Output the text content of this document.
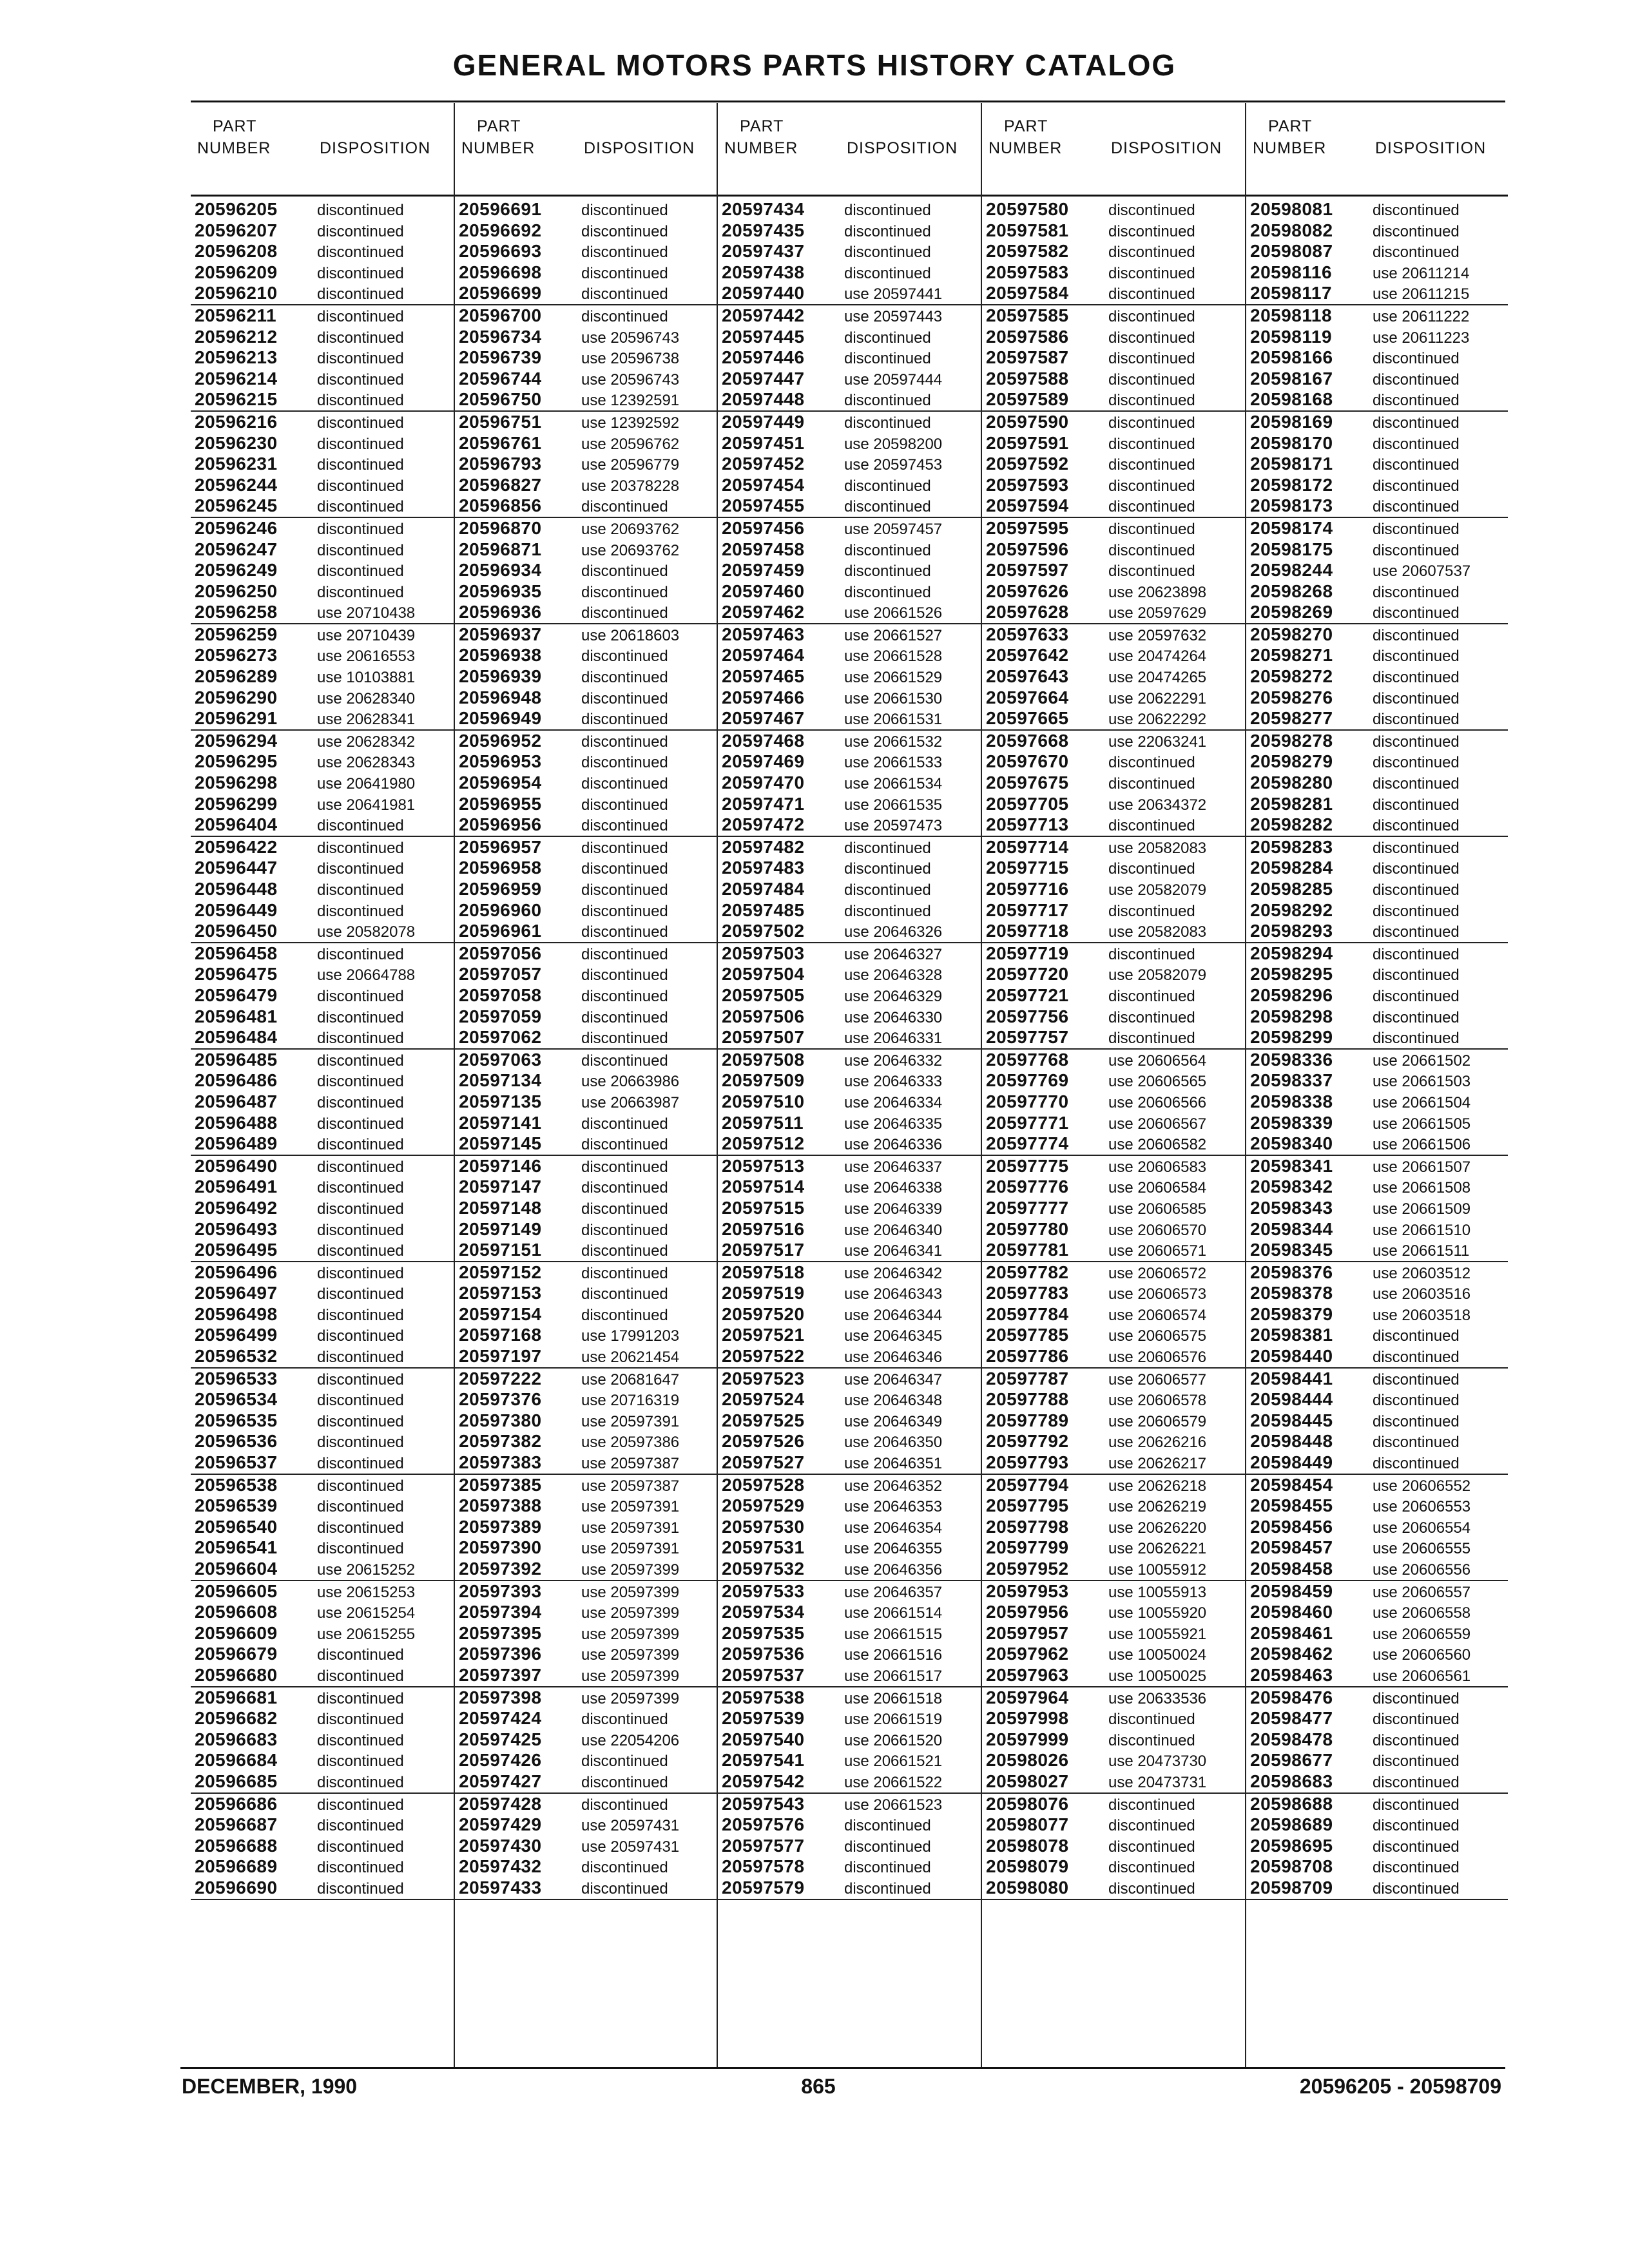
GENERAL MOTORS PARTS HISTORY CATALOG
PART
NUMBER	DISPOSITION
20596205	discontinued
20596207	discontinued
20596208	discontinued
20596209	discontinued
20596210	discontinued
20596211	discontinued
20596212	discontinued
20596213	discontinued
20596214	discontinued
20596215	discontinued
20596216	discontinued
20596230	discontinued
20596231	discontinued
20596244	discontinued
20596245	discontinued
20596246	discontinued
20596247	discontinued
20596249	discontinued
20596250	discontinued
20596258	use 20710438
20596259	use 20710439
20596273	use 20616553
20596289	use 10103881
20596290	use 20628340
20596291	use 20628341
20596294	use 20628342
20596295	use 20628343
20596298	use 20641980
20596299	use 20641981
20596404	discontinued
20596422	discontinued
20596447	discontinued
20596448	discontinued
20596449	discontinued
20596450	use 20582078
20596458	discontinued
20596475	use 20664788
20596479	discontinued
20596481	discontinued
20596484	discontinued
20596485	discontinued
20596486	discontinued
20596487	discontinued
20596488	discontinued
20596489	discontinued
20596490	discontinued
20596491	discontinued
20596492	discontinued
20596493	discontinued
20596495	discontinued
20596496	discontinued
20596497	discontinued
20596498	discontinued
20596499	discontinued
20596532	discontinued
20596533	discontinued
20596534	discontinued
20596535	discontinued
20596536	discontinued
20596537	discontinued
20596538	discontinued
20596539	discontinued
20596540	discontinued
20596541	discontinued
20596604	use 20615252
20596605	use 20615253
20596608	use 20615254
20596609	use 20615255
20596679	discontinued
20596680	discontinued
20596681	discontinued
20596682	discontinued
20596683	discontinued
20596684	discontinued
20596685	discontinued
20596686	discontinued
20596687	discontinued
20596688	discontinued
20596689	discontinued
20596690	discontinued
PART
NUMBER	DISPOSITION
20596691	discontinued
20596692	discontinued
20596693	discontinued
20596698	discontinued
20596699	discontinued
20596700	discontinued
20596734	use 20596743
20596739	use 20596738
20596744	use 20596743
20596750	use 12392591
20596751	use 12392592
20596761	use 20596762
20596793	use 20596779
20596827	use 20378228
20596856	discontinued
20596870	use 20693762
20596871	use 20693762
20596934	discontinued
20596935	discontinued
20596936	discontinued
20596937	use 20618603
20596938	discontinued
20596939	discontinued
20596948	discontinued
20596949	discontinued
20596952	discontinued
20596953	discontinued
20596954	discontinued
20596955	discontinued
20596956	discontinued
20596957	discontinued
20596958	discontinued
20596959	discontinued
20596960	discontinued
20596961	discontinued
20597056	discontinued
20597057	discontinued
20597058	discontinued
20597059	discontinued
20597062	discontinued
20597063	discontinued
20597134	use 20663986
20597135	use 20663987
20597141	discontinued
20597145	discontinued
20597146	discontinued
20597147	discontinued
20597148	discontinued
20597149	discontinued
20597151	discontinued
20597152	discontinued
20597153	discontinued
20597154	discontinued
20597168	use 17991203
20597197	use 20621454
20597222	use 20681647
20597376	use 20716319
20597380	use 20597391
20597382	use 20597386
20597383	use 20597387
20597385	use 20597387
20597388	use 20597391
20597389	use 20597391
20597390	use 20597391
20597392	use 20597399
20597393	use 20597399
20597394	use 20597399
20597395	use 20597399
20597396	use 20597399
20597397	use 20597399
20597398	use 20597399
20597424	discontinued
20597425	use 22054206
20597426	discontinued
20597427	discontinued
20597428	discontinued
20597429	use 20597431
20597430	use 20597431
20597432	discontinued
20597433	discontinued
PART
NUMBER	DISPOSITION
20597434	discontinued
20597435	discontinued
20597437	discontinued
20597438	discontinued
20597440	use 20597441
20597442	use 20597443
20597445	discontinued
20597446	discontinued
20597447	use 20597444
20597448	discontinued
20597449	discontinued
20597451	use 20598200
20597452	use 20597453
20597454	discontinued
20597455	discontinued
20597456	use 20597457
20597458	discontinued
20597459	discontinued
20597460	discontinued
20597462	use 20661526
20597463	use 20661527
20597464	use 20661528
20597465	use 20661529
20597466	use 20661530
20597467	use 20661531
20597468	use 20661532
20597469	use 20661533
20597470	use 20661534
20597471	use 20661535
20597472	use 20597473
20597482	discontinued
20597483	discontinued
20597484	discontinued
20597485	discontinued
20597502	use 20646326
20597503	use 20646327
20597504	use 20646328
20597505	use 20646329
20597506	use 20646330
20597507	use 20646331
20597508	use 20646332
20597509	use 20646333
20597510	use 20646334
20597511	use 20646335
20597512	use 20646336
20597513	use 20646337
20597514	use 20646338
20597515	use 20646339
20597516	use 20646340
20597517	use 20646341
20597518	use 20646342
20597519	use 20646343
20597520	use 20646344
20597521	use 20646345
20597522	use 20646346
20597523	use 20646347
20597524	use 20646348
20597525	use 20646349
20597526	use 20646350
20597527	use 20646351
20597528	use 20646352
20597529	use 20646353
20597530	use 20646354
20597531	use 20646355
20597532	use 20646356
20597533	use 20646357
20597534	use 20661514
20597535	use 20661515
20597536	use 20661516
20597537	use 20661517
20597538	use 20661518
20597539	use 20661519
20597540	use 20661520
20597541	use 20661521
20597542	use 20661522
20597543	use 20661523
20597576	discontinued
20597577	discontinued
20597578	discontinued
20597579	discontinued
PART
NUMBER	DISPOSITION
20597580	discontinued
20597581	discontinued
20597582	discontinued
20597583	discontinued
20597584	discontinued
20597585	discontinued
20597586	discontinued
20597587	discontinued
20597588	discontinued
20597589	discontinued
20597590	discontinued
20597591	discontinued
20597592	discontinued
20597593	discontinued
20597594	discontinued
20597595	discontinued
20597596	discontinued
20597597	discontinued
20597626	use 20623898
20597628	use 20597629
20597633	use 20597632
20597642	use 20474264
20597643	use 20474265
20597664	use 20622291
20597665	use 20622292
20597668	use 22063241
20597670	discontinued
20597675	discontinued
20597705	use 20634372
20597713	discontinued
20597714	use 20582083
20597715	discontinued
20597716	use 20582079
20597717	discontinued
20597718	use 20582083
20597719	discontinued
20597720	use 20582079
20597721	discontinued
20597756	discontinued
20597757	discontinued
20597768	use 20606564
20597769	use 20606565
20597770	use 20606566
20597771	use 20606567
20597774	use 20606582
20597775	use 20606583
20597776	use 20606584
20597777	use 20606585
20597780	use 20606570
20597781	use 20606571
20597782	use 20606572
20597783	use 20606573
20597784	use 20606574
20597785	use 20606575
20597786	use 20606576
20597787	use 20606577
20597788	use 20606578
20597789	use 20606579
20597792	use 20626216
20597793	use 20626217
20597794	use 20626218
20597795	use 20626219
20597798	use 20626220
20597799	use 20626221
20597952	use 10055912
20597953	use 10055913
20597956	use 10055920
20597957	use 10055921
20597962	use 10050024
20597963	use 10050025
20597964	use 20633536
20597998	discontinued
20597999	discontinued
20598026	use 20473730
20598027	use 20473731
20598076	discontinued
20598077	discontinued
20598078	discontinued
20598079	discontinued
20598080	discontinued
PART
NUMBER	DISPOSITION
20598081	discontinued
20598082	discontinued
20598087	discontinued
20598116	use 20611214
20598117	use 20611215
20598118	use 20611222
20598119	use 20611223
20598166	discontinued
20598167	discontinued
20598168	discontinued
20598169	discontinued
20598170	discontinued
20598171	discontinued
20598172	discontinued
20598173	discontinued
20598174	discontinued
20598175	discontinued
20598244	use 20607537
20598268	discontinued
20598269	discontinued
20598270	discontinued
20598271	discontinued
20598272	discontinued
20598276	discontinued
20598277	discontinued
20598278	discontinued
20598279	discontinued
20598280	discontinued
20598281	discontinued
20598282	discontinued
20598283	discontinued
20598284	discontinued
20598285	discontinued
20598292	discontinued
20598293	discontinued
20598294	discontinued
20598295	discontinued
20598296	discontinued
20598298	discontinued
20598299	discontinued
20598336	use 20661502
20598337	use 20661503
20598338	use 20661504
20598339	use 20661505
20598340	use 20661506
20598341	use 20661507
20598342	use 20661508
20598343	use 20661509
20598344	use 20661510
20598345	use 20661511
20598376	use 20603512
20598378	use 20603516
20598379	use 20603518
20598381	discontinued
20598440	discontinued
20598441	discontinued
20598444	discontinued
20598445	discontinued
20598448	discontinued
20598449	discontinued
20598454	use 20606552
20598455	use 20606553
20598456	use 20606554
20598457	use 20606555
20598458	use 20606556
20598459	use 20606557
20598460	use 20606558
20598461	use 20606559
20598462	use 20606560
20598463	use 20606561
20598476	discontinued
20598477	discontinued
20598478	discontinued
20598677	discontinued
20598683	discontinued
20598688	discontinued
20598689	discontinued
20598695	discontinued
20598708	discontinued
20598709	discontinued
DECEMBER, 1990	865	20596205 - 20598709
